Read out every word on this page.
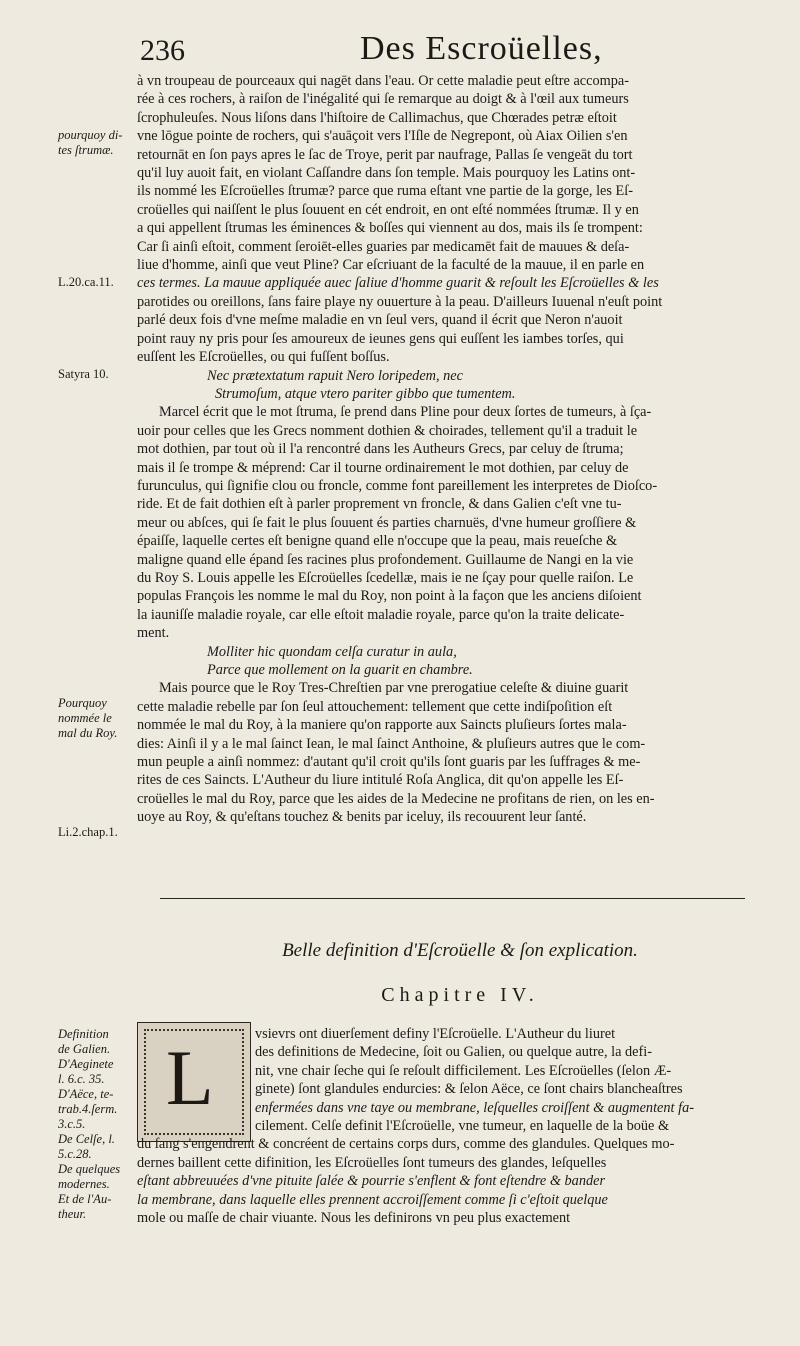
236	Des Escroüelles,
à vn troupeau de pourceaux qui nagēt dans l'eau. Or cette maladie peut eſtre accompa-
rée à ces rochers, à raiſon de l'inégalité qui ſe remarque au doigt & à l'œil aux tumeurs
ſcrophuleuſes. Nous liſons dans l'hiſtoire de Callimachus, que Chœrades petræ eſtoit
vne lōgue pointe de rochers, qui s'auāçoit vers l'Iſle de Negrepont, où Aiax Oilien s'en
retournāt en ſon pays apres le ſac de Troye, perit par naufrage, Pallas ſe vengeāt du tort
qu'il luy auoit fait, en violant Caſſandre dans ſon temple. Mais pourquoy les Latins ont-
ils nommé les Eſcroüelles ſtrumæ? parce que ruma eſtant vne partie de la gorge, les Eſ-
croüelles qui naiſſent le plus ſouuent en cét endroit, en ont eſté nommées ſtrumæ. Il y en
a qui appellent ſtrumas les éminences & boſſes qui viennent au dos, mais ils ſe trompent:
Car ſi ainſi eſtoit, comment ſeroiēt-elles guaries par medicamēt fait de mauues & deſa-
liue d'homme, ainſi que veut Pline? Car eſcriuant de la faculté de la mauue, il en parle en
ces termes. La mauue appliquée auec ſaliue d'homme guarit & reſoult les Eſcroüelles & les
parotides ou oreillons, ſans faire playe ny ouuerture à la peau. D'ailleurs Iuuenal n'euſt point
parlé deux fois d'vne meſme maladie en vn ſeul vers, quand il écrit que Neron n'auoit
point rauy ny pris pour ſes amoureux de ieunes gens qui euſſent les iambes torſes, qui
euſſent les Eſcroüelles, ou qui fuſſent boſſus.
Nec prætextatum rapuit Nero loripedem, nec
Strumoſum, atque vtero pariter gibbo que tumentem.
Marcel écrit que le mot ſtruma, ſe prend dans Pline pour deux ſortes de tumeurs, à ſça-
uoir pour celles que les Grecs nomment dothien & choirades, tellement qu'il a traduit le
mot dothien, par tout où il l'a rencontré dans les Autheurs Grecs, par celuy de ſtruma;
mais il ſe trompe & méprend: Car il tourne ordinairement le mot dothien, par celuy de
furunculus, qui ſignifie clou ou froncle, comme font pareillement les interpretes de Dioſco-
ride. Et de fait dothien eſt à parler proprement vn froncle, & dans Galien c'eſt vne tu-
meur ou abſces, qui ſe fait le plus ſouuent és parties charnuës, d'vne humeur groſſiere &
épaiſſe, laquelle certes eſt benigne quand elle n'occupe que la peau, mais reueſche &
maligne quand elle épand ſes racines plus profondement. Guillaume de Nangi en la vie
du Roy S. Louis appelle les Eſcroüelles ſcedellæ, mais ie ne ſçay pour quelle raiſon. Le
populas François les nomme le mal du Roy, non point à la façon que les anciens diſoient
la iauniſſe maladie royale, car elle eſtoit maladie royale, parce qu'on la traite delicate-
ment.
Molliter hic quondam celſa curatur in aula,
Parce que mollement on la guarit en chambre.
Mais pource que le Roy Tres-Chreſtien par vne prerogatiue celeſte & diuine guarit
cette maladie rebelle par ſon ſeul attouchement: tellement que cette indiſpoſition eſt
nommée le mal du Roy, à la maniere qu'on rapporte aux Saincts pluſieurs ſortes mala-
dies: Ainſi il y a le mal ſainct Iean, le mal ſainct Anthoine, & pluſieurs autres que le com-
mun peuple a ainſi nommez: d'autant qu'il croit qu'ils ſont guaris par les ſuffrages & me-
rites de ces Saincts. L'Autheur du liure intitulé Roſa Anglica, dit qu'on appelle les Eſ-
croüelles le mal du Roy, parce que les aides de la Medecine ne profitans de rien, on les en-
uoye au Roy, & qu'eſtans touchez & benits par iceluy, ils recouurent leur ſanté.
pourquoy di-
tes ſtrumæ.
L.20.ca.11.
Satyra 10.
Pourquoy
nommée le
mal du Roy.
Li.2.chap.1.
Definition
de Galien.
D'Aeginete
l. 6.c. 35.
D'Aëce, te-
trab.4.ſerm.
3.c.5.
De Celſe, l.
5.c.28.
De quelques
modernes.
Et de l'Au-
theur.
Belle definition d'Eſcroüelle & ſon explication.
Chapitre IV.
L	vsievrs ont diuerſement definy l'Eſcroüelle. L'Autheur du liuret
des definitions de Medecine, ſoit ou Galien, ou quelque autre, la defi-
nit, vne chair ſeche qui ſe reſoult difficilement. Les Eſcroüelles (ſelon Æ-
ginete) ſont glandules endurcies: & ſelon Aëce, ce ſont chairs blancheaſtres
enfermées dans vne taye ou membrane, leſquelles croiſſent & augmentent fa-
cilement. Celſe definit l'Eſcroüelle, vne tumeur, en laquelle de la boüe &
du ſang s'engendrent & concréent de certains corps durs, comme des glandules. Quelques mo-
dernes baillent cette difinition, les Eſcroüelles ſont tumeurs des glandes, leſquelles
eſtant abbreuuées d'vne pituite ſalée & pourrie s'enflent & font eſtendre & bander
la membrane, dans laquelle elles prennent accroiſſement comme ſi c'eſtoit quelque
mole ou maſſe de chair viuante. Nous les definirons vn peu plus exactement
